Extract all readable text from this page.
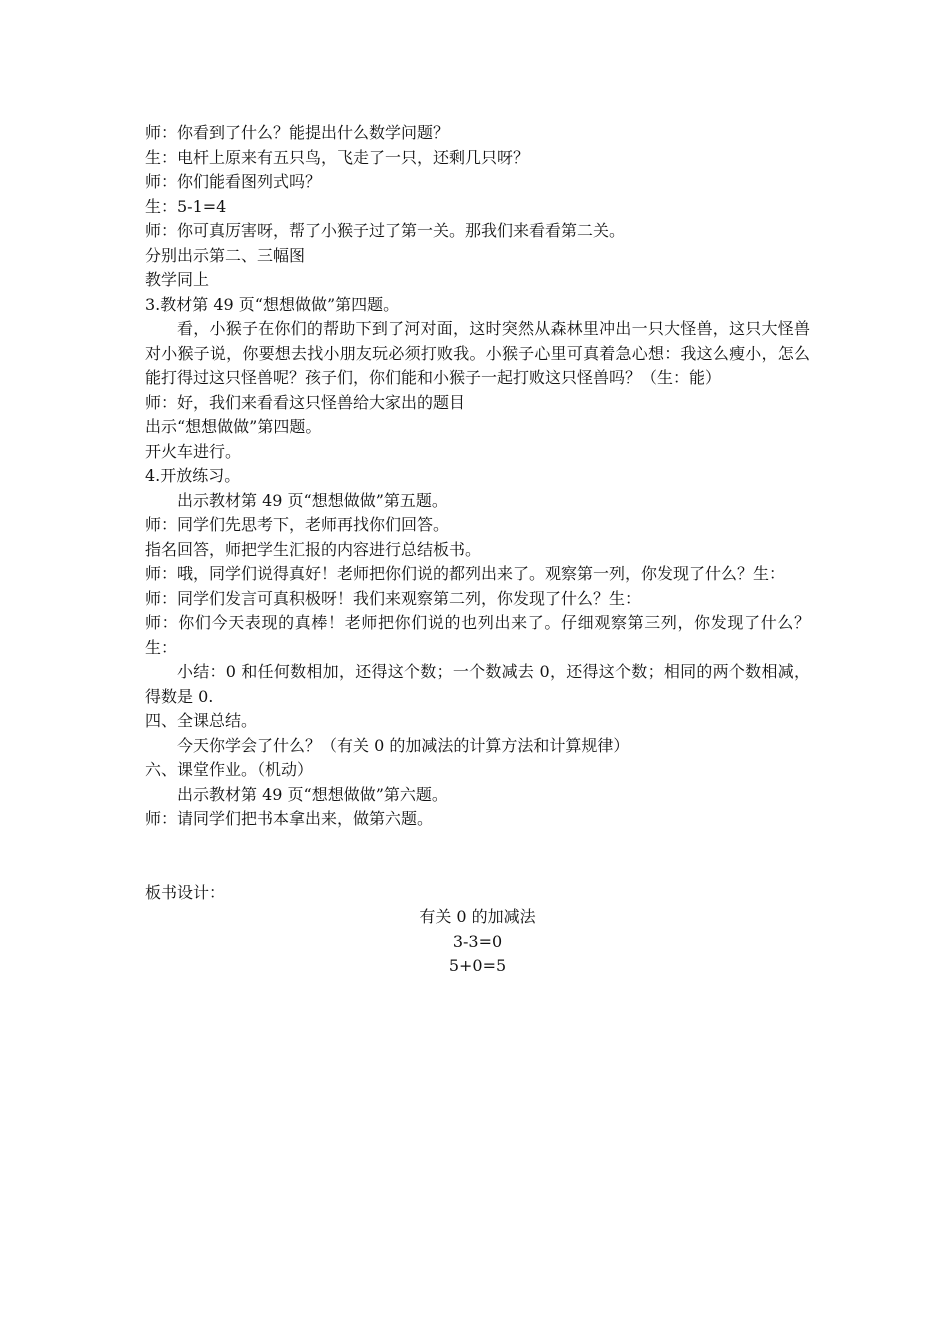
师：你看到了什么？能提出什么数学问题？

生：电杆上原来有五只鸟，飞走了一只，还剩几只呀？

师：你们能看图列式吗？

生：5-1=4

师：你可真厉害呀，帮了小猴子过了第一关。那我们来看看第二关。

分别出示第二、三幅图

教学同上

3.教材第 49 页“想想做做”第四题。

看，小猴子在你们的帮助下到了河对面，这时突然从森林里冲出一只大怪兽，这只大怪兽对小猴子说，你要想去找小朋友玩必须打败我。小猴子心里可真着急心想：我这么瘦小，怎么能打得过这只怪兽呢？孩子们，你们能和小猴子一起打败这只怪兽吗？（生：能）

师：好，我们来看看这只怪兽给大家出的题目

出示“想想做做”第四题。

开火车进行。

4.开放练习。

出示教材第 49 页“想想做做”第五题。

师：同学们先思考下，老师再找你们回答。

指名回答，师把学生汇报的内容进行总结板书。

师：哦，同学们说得真好！老师把你们说的都列出来了。观察第一列，你发现了什么？生：

师：同学们发言可真积极呀！我们来观察第二列，你发现了什么？生：

师：你们今天表现的真棒！老师把你们说的也列出来了。仔细观察第三列，你发现了什么？生：

小结：0 和任何数相加，还得这个数；一个数减去 0，还得这个数；相同的两个数相减，得数是 0.

四、全课总结。

今天你学会了什么？（有关 0 的加减法的计算方法和计算规律）

六、课堂作业。（机动）

出示教材第 49 页“想想做做”第六题。

师：请同学们把书本拿出来，做第六题。

板书设计：

有关 0 的加减法

3-3=0

5+0=5
